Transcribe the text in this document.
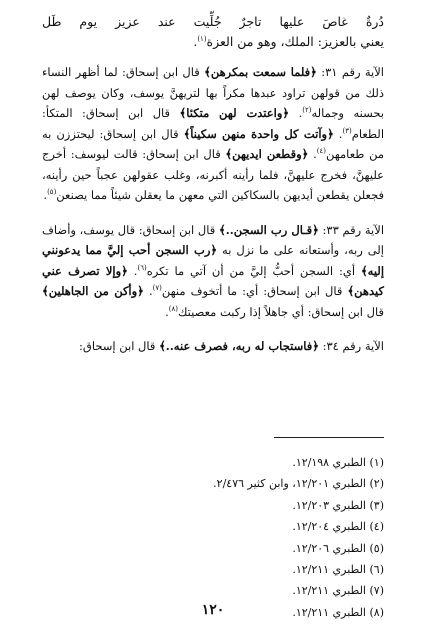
دُرةٌ غاصَ عليها تاجرٌ جُلِّيت عند عزيز يوم طَل
يعني بالعزيز: الملك، وهو من العزة$^{(١)}$.

الآية رقم ٣١: ﴿فلما سمعت بمكرهن﴾ قال ابن إسحاق: لما أظهر النساء ذلك من قولهن تراود عبدها مكراً بها لتريهنَّ يوسف، وكان يوصف لهن بحسنه وجماله$^{(٢)}$. ﴿واعتدت لهن متكئا﴾ قال ابن إسحاق: المتكأ: الطعام$^{(٣)}$. ﴿وآتت كل واحدة منهن سكيناً﴾ قال ابن إسحاق: ليحتززن به من طعامهن$^{(٤)}$. ﴿وقطعن ايديهن﴾ قال ابن إسحاق: قالت ليوسف: أخرج عليهنَّ، فخرج عليهنَّ، فلما رأينه أكبرنه، وغلب عقولهن عجباً حين رأينه، فجعلن يقطعن أيديهن بالسكاكين التي معهن ما يعقلن شيئاً مما يصنعن$^{(٥)}$.

الآية رقم ٣٣: ﴿قـال رب السجن..﴾ قال ابن إسحاق: قال يوسف، وأضاف إلى ربه، وأستعانه على ما نزل به ﴿رب السجن أحب إليَّ مما يدعونني إليه﴾ أي: السجن أحبُّ إليَّ من أن آتي ما تكره$^{(٦)}$. ﴿وإلا تصرف عني كيدهن﴾ قال ابن إسحاق: أي: ما أتخوف منهن$^{(٧)}$. ﴿وأكن من الجاهلين﴾ قال ابن إسحاق: أي جاهلاً إذا ركبت معصيتك$^{(٨)}$.

الآية رقم ٣٤: ﴿فاستجاب له ربه، فصرف عنه..﴾ قال ابن إسحاق:

(١) الطبري ١٢/١٩٨.
(٢) الطبري ١٢/٢٠١، وابن كثير ٢/٤٧٦.
(٣) الطبري ١٢/٢٠٣.
(٤) الطبري ١٢/٢٠٤.
(٥) الطبري ١٢/٢٠٦.
(٦) الطبري ١٢/٢١١.
(٧) الطبري ١٢/٢١١.
(٨) الطبري ١٢/٢١١.
١٢٠
